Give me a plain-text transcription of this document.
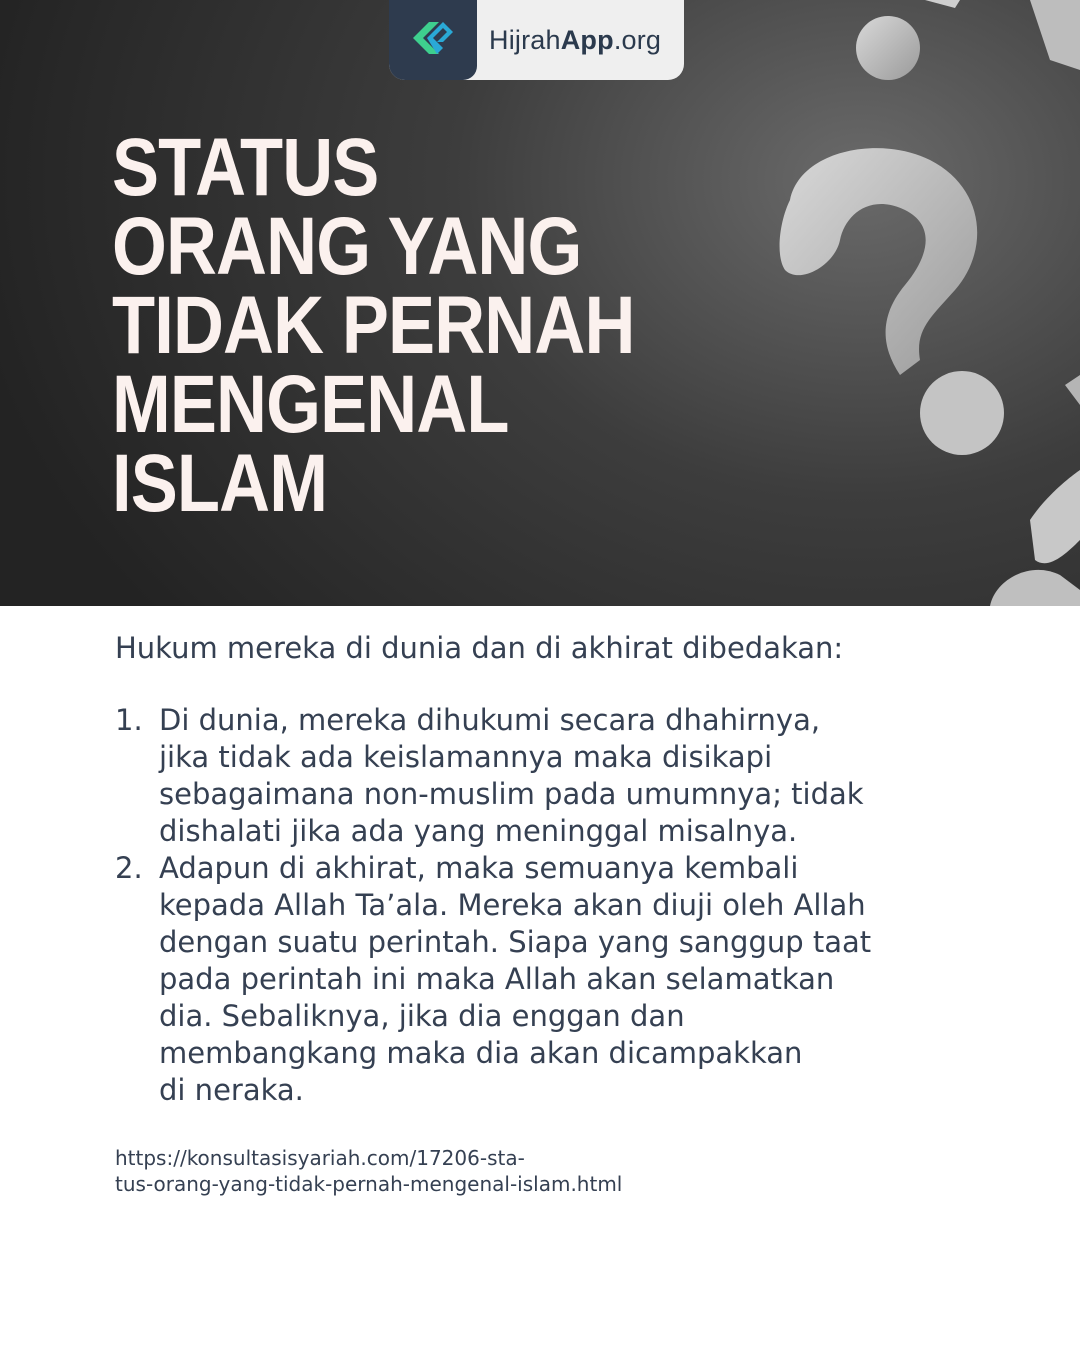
HijrahApp.org
STATUS
ORANG YANG
TIDAK PERNAH
MENGENAL
ISLAM

Hukum mereka di dunia dan di akhirat dibedakan:

1. Di dunia, mereka dihukumi secara dhahirnya,
jika tidak ada keislamannya maka disikapi
sebagaimana non-muslim pada umumnya; tidak
dishalati jika ada yang meninggal misalnya.
2. Adapun di akhirat, maka semuanya kembali
kepada Allah Ta’ala. Mereka akan diuji oleh Allah
dengan suatu perintah. Siapa yang sanggup taat
pada perintah ini maka Allah akan selamatkan
dia. Sebaliknya, jika dia enggan dan
membangkang maka dia akan dicampakkan
di neraka.
https://konsultasisyariah.com/17206-sta-
tus-orang-yang-tidak-pernah-mengenal-islam.html
